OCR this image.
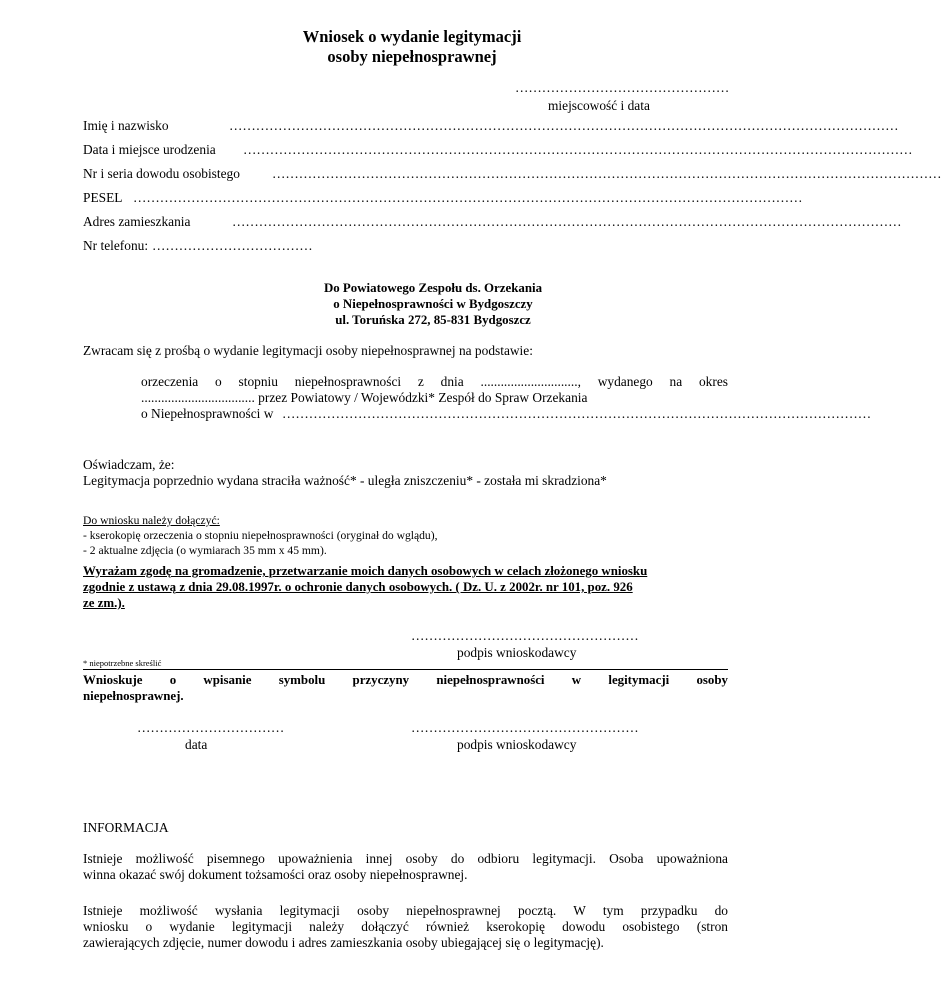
Wniosek o wydanie legitymacji
osoby niepełnosprawnej
…………………………………………
miejscowość i data
Imię i nazwisko	……………………………………………………………………………………………………………………………………
Data i miejsce urodzenia ……………………………………………………………………………………………………………………………………
Nr i seria dowodu osobistego ……………………………………………………………………………………………………………………………………
PESEL ……………………………………………………………………………………………………………………………………
Adres zamieszkania	……………………………………………………………………………………………………………………………………
Nr telefonu: ………………………………
Do Powiatowego Zespołu ds. Orzekania
o Niepełnosprawności w Bydgoszczy
ul. Toruńska 272, 85-831 Bydgoszcz
Zwracam się z prośbą o wydanie legitymacji osoby niepełnosprawnej na podstawie:
orzeczenia o stopniu niepełnosprawności z dnia ............................., wydanego na okres
.................................. przez Powiatowy / Wojewódzki* Zespół do Spraw Orzekania
o Niepełnosprawności w ……………………………………………………………………………………………………………………
Oświadczam, że:
Legitymacja poprzednio wydana straciła ważność* - uległa zniszczeniu* - została mi skradziona*
Do wniosku należy dołączyć:
- kserokopię orzeczenia o stopniu niepełnosprawności (oryginał do wglądu),
- 2 aktualne zdjęcia (o wymiarach 35 mm x 45 mm).
Wyrażam zgodę na gromadzenie, przetwarzanie moich danych osobowych w celach złożonego wniosku
zgodnie z ustawą z dnia 29.08.1997r. o ochronie danych osobowych. ( Dz. U. z 2002r. nr 101, poz. 926
ze zm.).
……………………………………………
podpis wnioskodawcy
* niepotrzebne skreślić
Wnioskuje o wpisanie symbolu przyczyny niepełnosprawności w legitymacji osoby
niepełnosprawnej.
……………………………
data
……………………………………………
podpis wnioskodawcy
INFORMACJA
Istnieje możliwość pisemnego upoważnienia innej osoby do odbioru legitymacji. Osoba upoważniona
winna okazać swój dokument tożsamości oraz osoby niepełnosprawnej.
Istnieje możliwość wysłania legitymacji osoby niepełnosprawnej pocztą. W tym przypadku do
wniosku o wydanie legitymacji należy dołączyć również kserokopię dowodu osobistego (stron
zawierających zdjęcie, numer dowodu i adres zamieszkania osoby ubiegającej się o legitymację).
